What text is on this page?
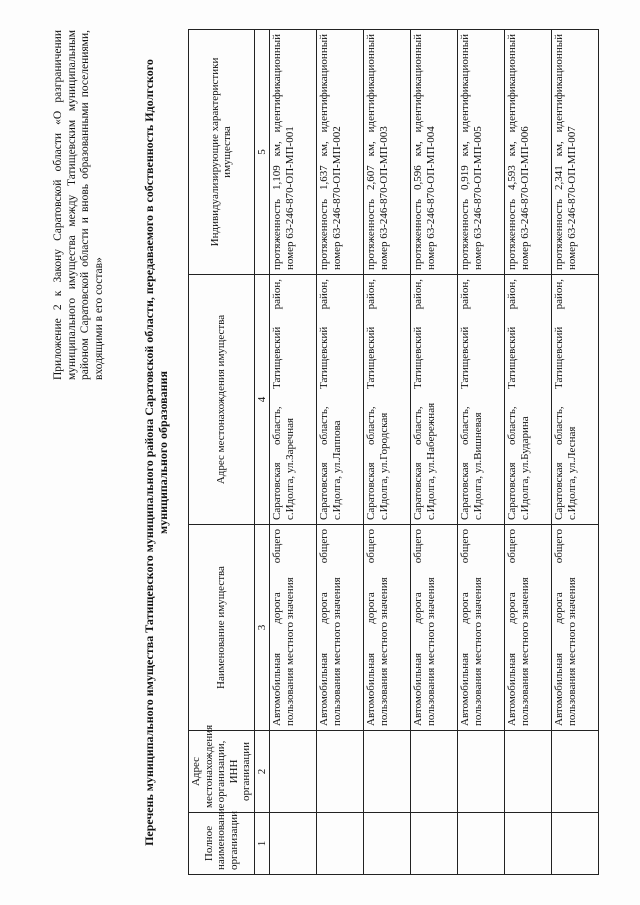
Приложение 2 к Закону Саратовской области «О разграничении муниципального имущества между Татищевским муниципальным районом Саратовской области и вновь образованными поселениями, входящими в его состав»	Перечень муниципального имущества Татищевского муниципального района Саратовской области, передаваемого в собственность Идолгского муниципального образования

Полное наименование организации	Адрес местонахождения организации, ИНН организации	Наименование имущества	Адрес местонахождения имущества	Индивидуализирующие характеристики имущества
1	2	3	4	5
		Автомобильная дорога общего пользования местного значения	Саратовская область, Татищевский район, с.Идолга, ул.Заречная	протяженность 1,109 км, идентификационный номер 63-246-870-ОП-МП-001
		Автомобильная дорога общего пользования местного значения	Саратовская область, Татищевский район, с.Идолга, ул.Лаппова	протяженность 1,637 км, идентификационный номер 63-246-870-ОП-МП-002
		Автомобильная дорога общего пользования местного значения	Саратовская область, Татищевский район, с.Идолга, ул.Городская	протяженность 2,607 км, идентификационный номер 63-246-870-ОП-МП-003
		Автомобильная дорога общего пользования местного значения	Саратовская область, Татищевский район, с.Идолга, ул.Набережная	протяженность 0,596 км, идентификационный номер 63-246-870-ОП-МП-004
		Автомобильная дорога общего пользования местного значения	Саратовская область, Татищевский район, с.Идолга, ул.Вишневая	протяженность 0,919 км, идентификационный номер 63-246-870-ОП-МП-005
		Автомобильная дорога общего пользования местного значения	Саратовская область, Татищевский район, с.Идолга, ул.Бударина	протяженность 4,593 км, идентификационный номер 63-246-870-ОП-МП-006
		Автомобильная дорога общего пользования местного значения	Саратовская область, Татищевский район, с.Идолга, ул.Лесная	протяженность 2,341 км, идентификационный номер 63-246-870-ОП-МП-007
